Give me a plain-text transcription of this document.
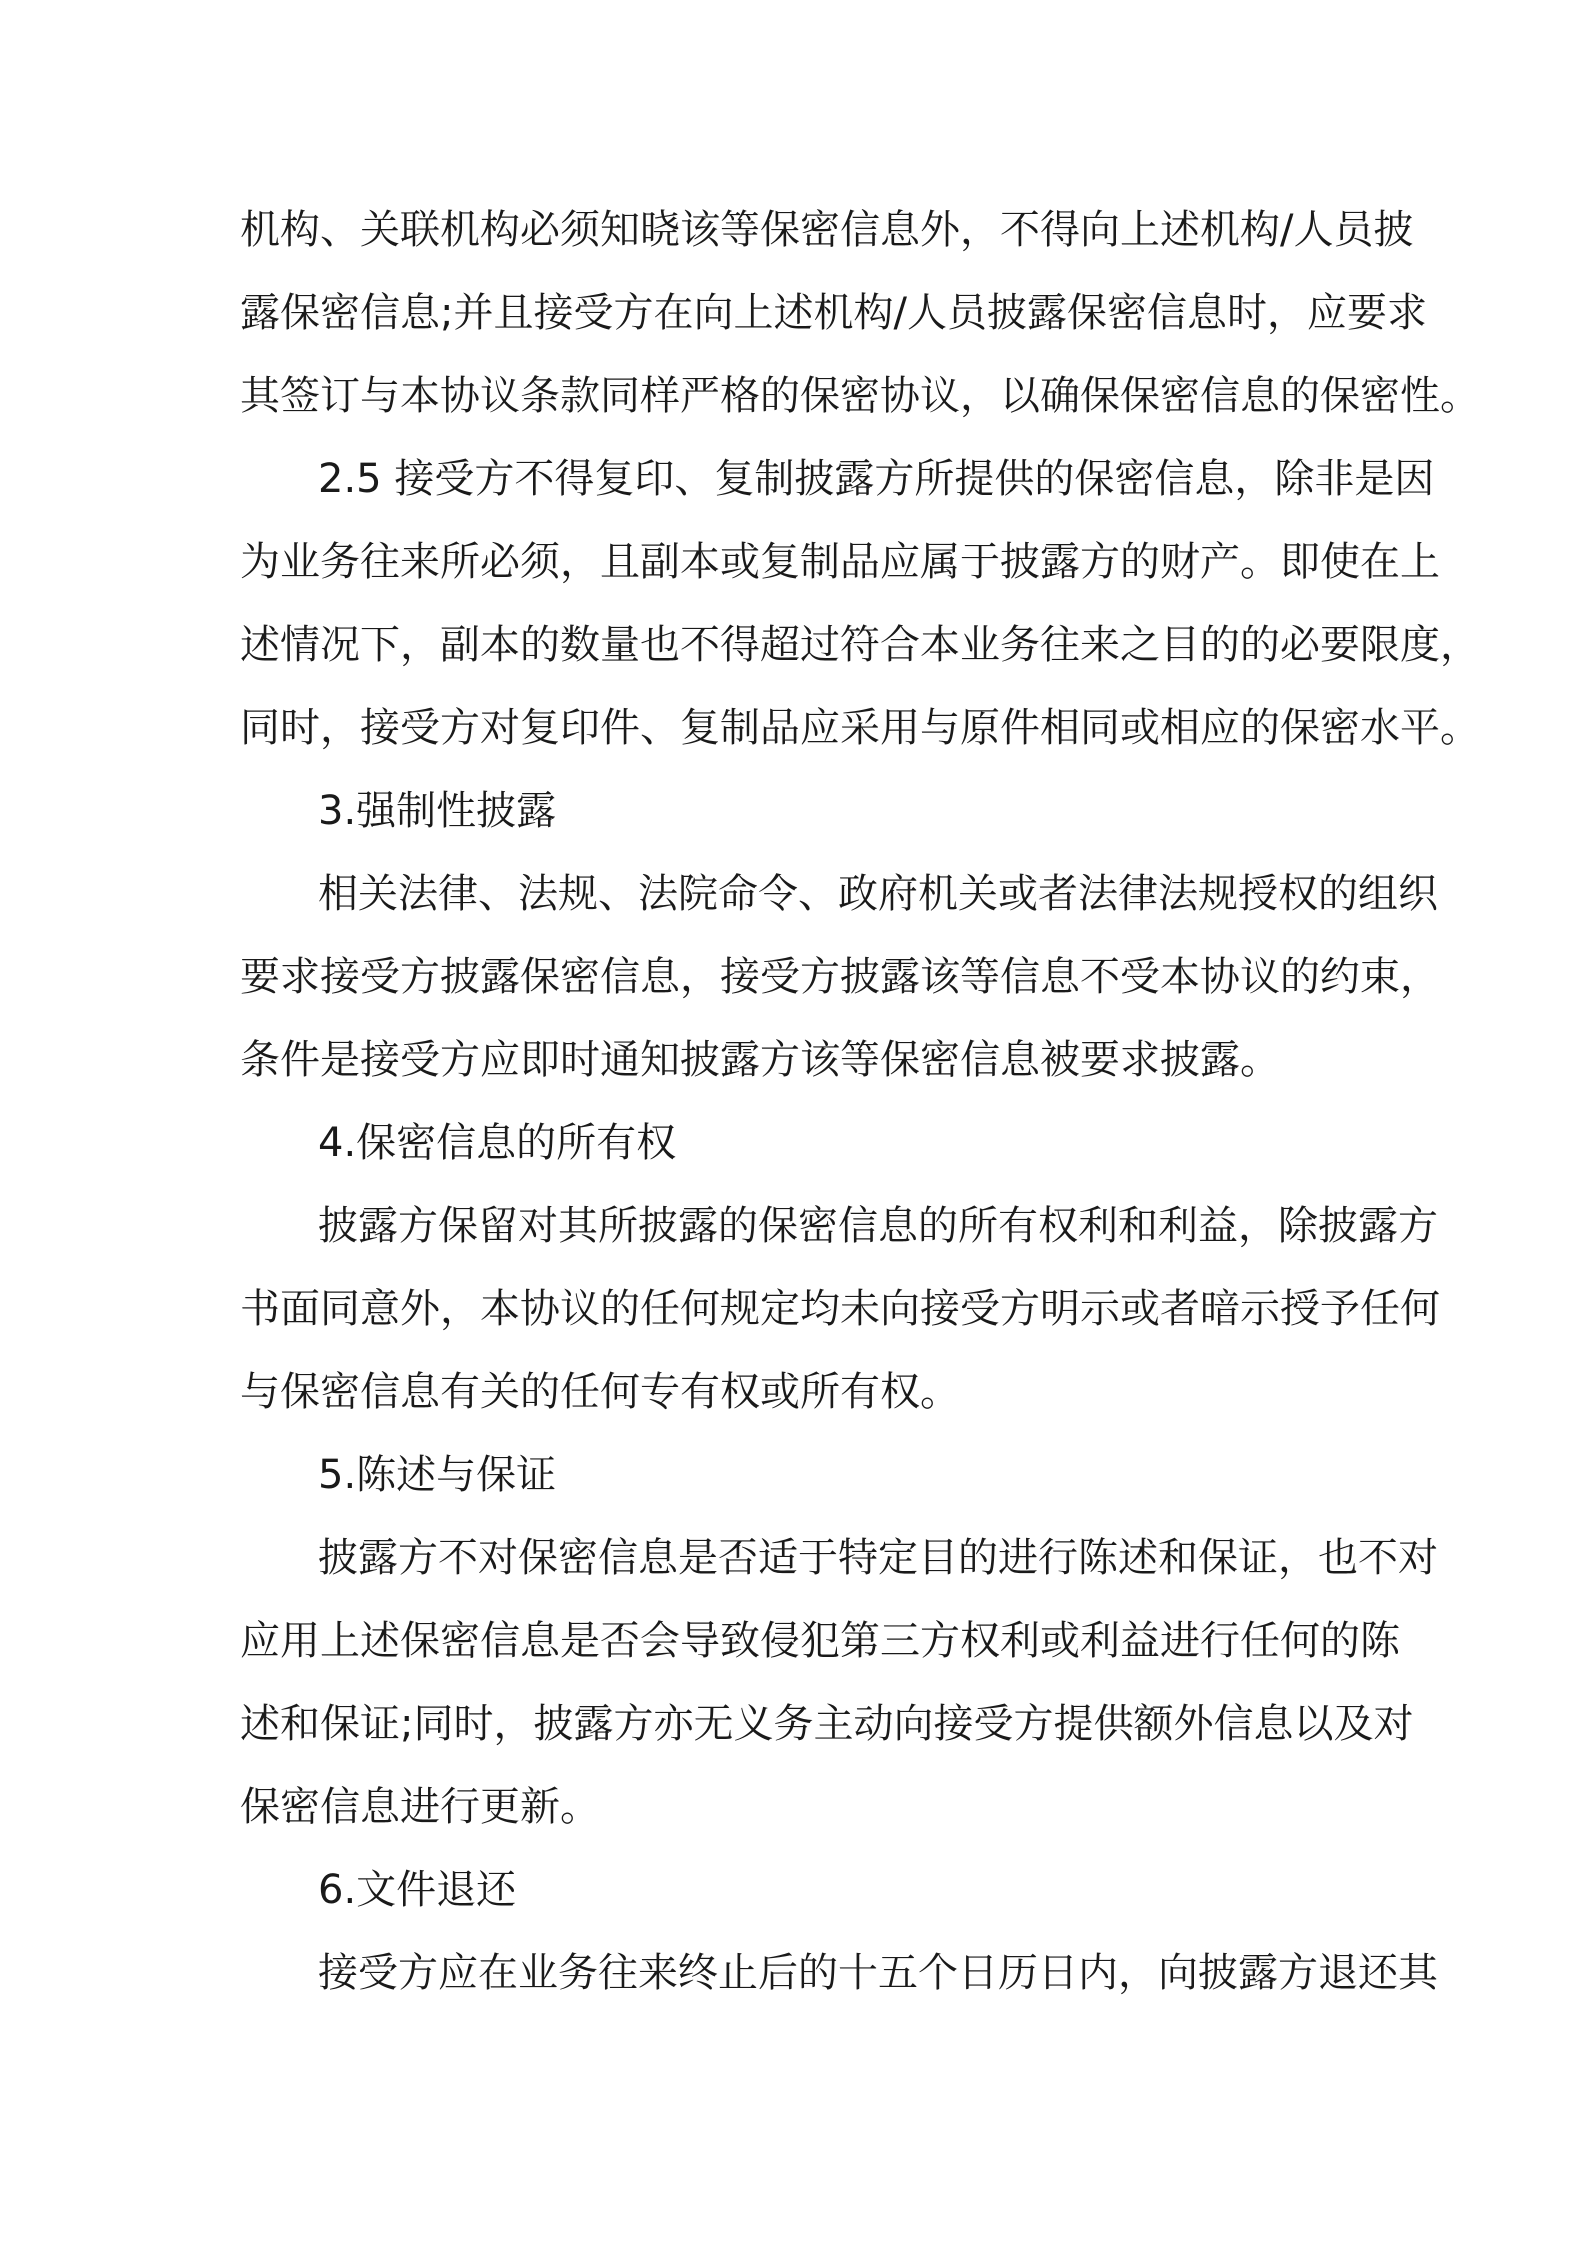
机构、关联机构必须知晓该等保密信息外，不得向上述机构/人员披
露保密信息;并且接受方在向上述机构/人员披露保密信息时，应要求
其签订与本协议条款同样严格的保密协议，以确保保密信息的保密性。
2.5 接受方不得复印、复制披露方所提供的保密信息，除非是因
为业务往来所必须，且副本或复制品应属于披露方的财产。即使在上
述情况下，副本的数量也不得超过符合本业务往来之目的的必要限度，
同时，接受方对复印件、复制品应采用与原件相同或相应的保密水平。
3.强制性披露
相关法律、法规、法院命令、政府机关或者法律法规授权的组织
要求接受方披露保密信息，接受方披露该等信息不受本协议的约束，
条件是接受方应即时通知披露方该等保密信息被要求披露。
4.保密信息的所有权
披露方保留对其所披露的保密信息的所有权利和利益，除披露方
书面同意外，本协议的任何规定均未向接受方明示或者暗示授予任何
与保密信息有关的任何专有权或所有权。
5.陈述与保证
披露方不对保密信息是否适于特定目的进行陈述和保证，也不对
应用上述保密信息是否会导致侵犯第三方权利或利益进行任何的陈
述和保证;同时，披露方亦无义务主动向接受方提供额外信息以及对
保密信息进行更新。
6.文件退还
接受方应在业务往来终止后的十五个日历日内，向披露方退还其
